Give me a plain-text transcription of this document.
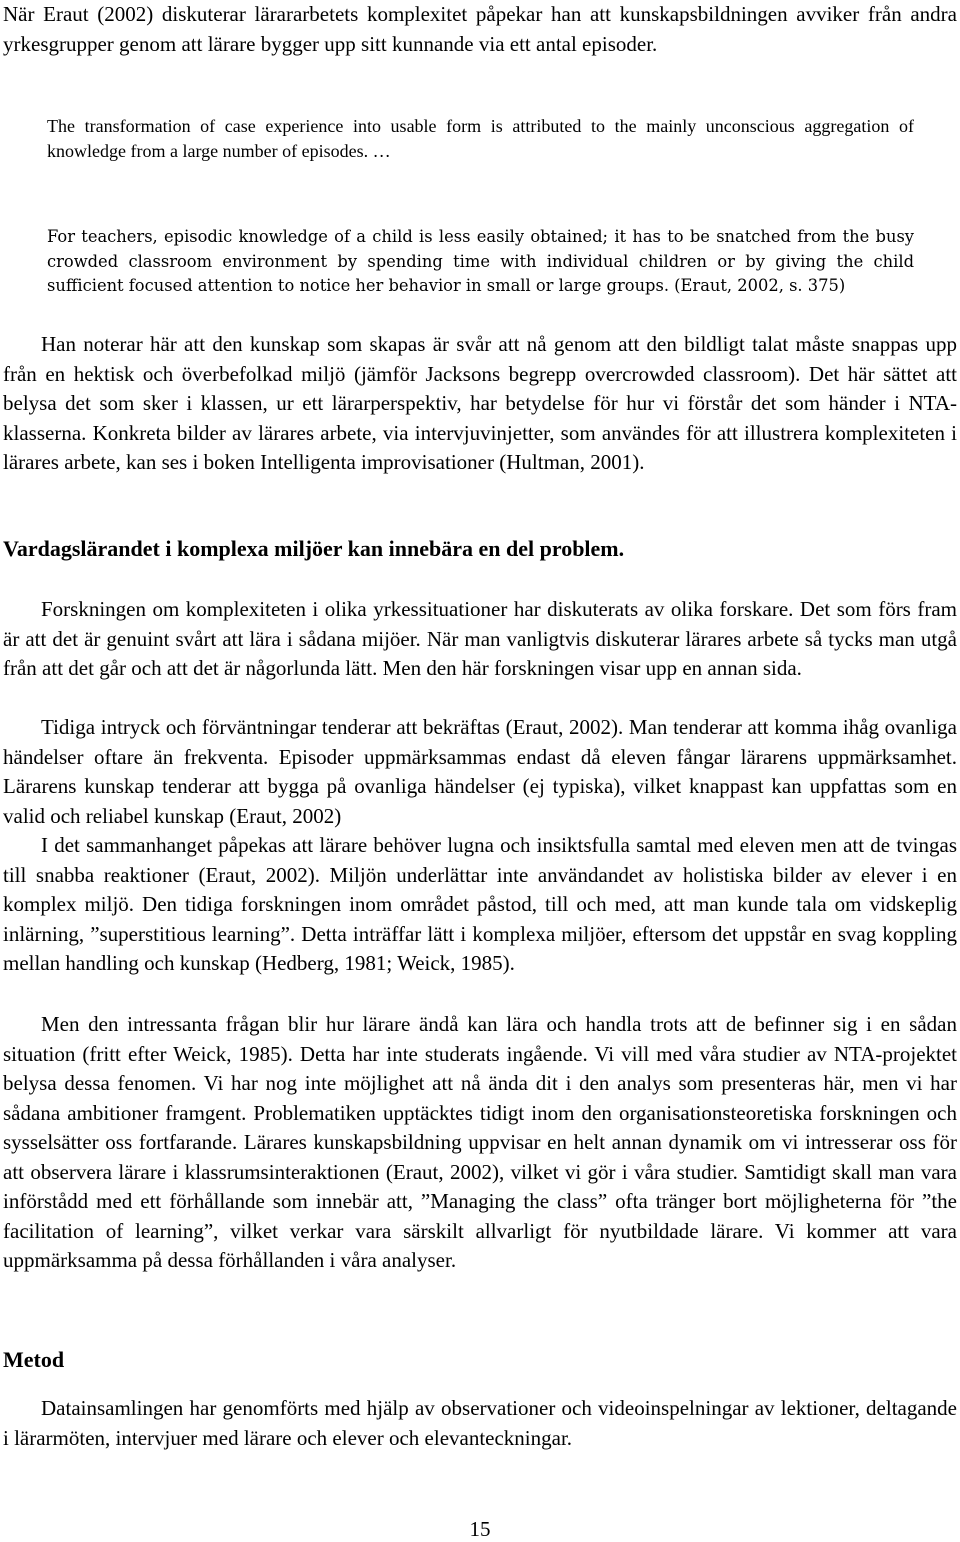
När Eraut (2002) diskuterar lärararbetets komplexitet påpekar han att kunskapsbildningen avviker från andra yrkesgrupper genom att lärare bygger upp sitt kunnande via ett antal episoder.

The transformation of case experience into usable form is attributed to the mainly unconscious aggregation of knowledge from a large number of episodes. …

For teachers, episodic knowledge of a child is less easily obtained; it has to be snatched from the busy crowded classroom environment by spending time with individual children or by giving the child sufficient focused attention to notice her behavior in small or large groups. (Eraut, 2002, s. 375)

Han noterar här att den kunskap som skapas är svår att nå genom att den bildligt talat måste snappas upp från en hektisk och överbefolkad miljö (jämför Jacksons begrepp overcrowded classroom). Det här sättet att belysa det som sker i klassen, ur ett lärarperspektiv, har betydelse för hur vi förstår det som händer i NTA-klasserna. Konkreta bilder av lärares arbete, via intervjuvinjetter, som användes för att illustrera komplexiteten i lärares arbete, kan ses i boken Intelligenta improvisationer (Hultman, 2001).

Vardagslärandet i komplexa miljöer kan innebära en del problem.

Forskningen om komplexiteten i olika yrkessituationer har diskuterats av olika forskare. Det som förs fram är att det är genuint svårt att lära i sådana mijöer. När man vanligtvis diskuterar lärares arbete så tycks man utgå från att det går och att det är någorlunda lätt. Men den här forskningen visar upp en annan sida.

Tidiga intryck och förväntningar tenderar att bekräftas (Eraut, 2002). Man tenderar att komma ihåg ovanliga händelser oftare än frekventa. Episoder uppmärksammas endast då eleven fångar lärarens uppmärksamhet. Lärarens kunskap tenderar att bygga på ovanliga händelser (ej typiska), vilket knappast kan uppfattas som en valid och reliabel kunskap (Eraut, 2002)

I det sammanhanget påpekas att lärare behöver lugna och insiktsfulla samtal med eleven men att de tvingas till snabba reaktioner (Eraut, 2002). Miljön underlättar inte användandet av holistiska bilder av elever i en komplex miljö. Den tidiga forskningen inom området påstod, till och med, att man kunde tala om vidskeplig inlärning, ”superstitious learning”. Detta inträffar lätt i komplexa miljöer, eftersom det uppstår en svag koppling mellan handling och kunskap (Hedberg, 1981; Weick, 1985).

Men den intressanta frågan blir hur lärare ändå kan lära och handla trots att de befinner sig i en sådan situation (fritt efter Weick, 1985). Detta har inte studerats ingående. Vi vill med våra studier av NTA-projektet belysa dessa fenomen. Vi har nog inte möjlighet att nå ända dit i den analys som presenteras här, men vi har sådana ambitioner framgent. Problematiken upptäcktes tidigt inom den organisationsteoretiska forskningen och sysselsätter oss fortfarande. Lärares kunskapsbildning uppvisar en helt annan dynamik om vi intresserar oss för att observera lärare i klassrumsinteraktionen (Eraut, 2002), vilket vi gör i våra studier. Samtidigt skall man vara införstådd med ett förhållande som innebär att, ”Managing the class” ofta tränger bort möjligheterna för ”the facilitation of learning”, vilket verkar vara särskilt allvarligt för nyutbildade lärare. Vi kommer att vara uppmärksamma på dessa förhållanden i våra analyser.

Metod

Datainsamlingen har genomförts med hjälp av observationer och videoinspelningar av lektioner, deltagande i lärarmöten, intervjuer med lärare och elever och elevanteckningar.

15
